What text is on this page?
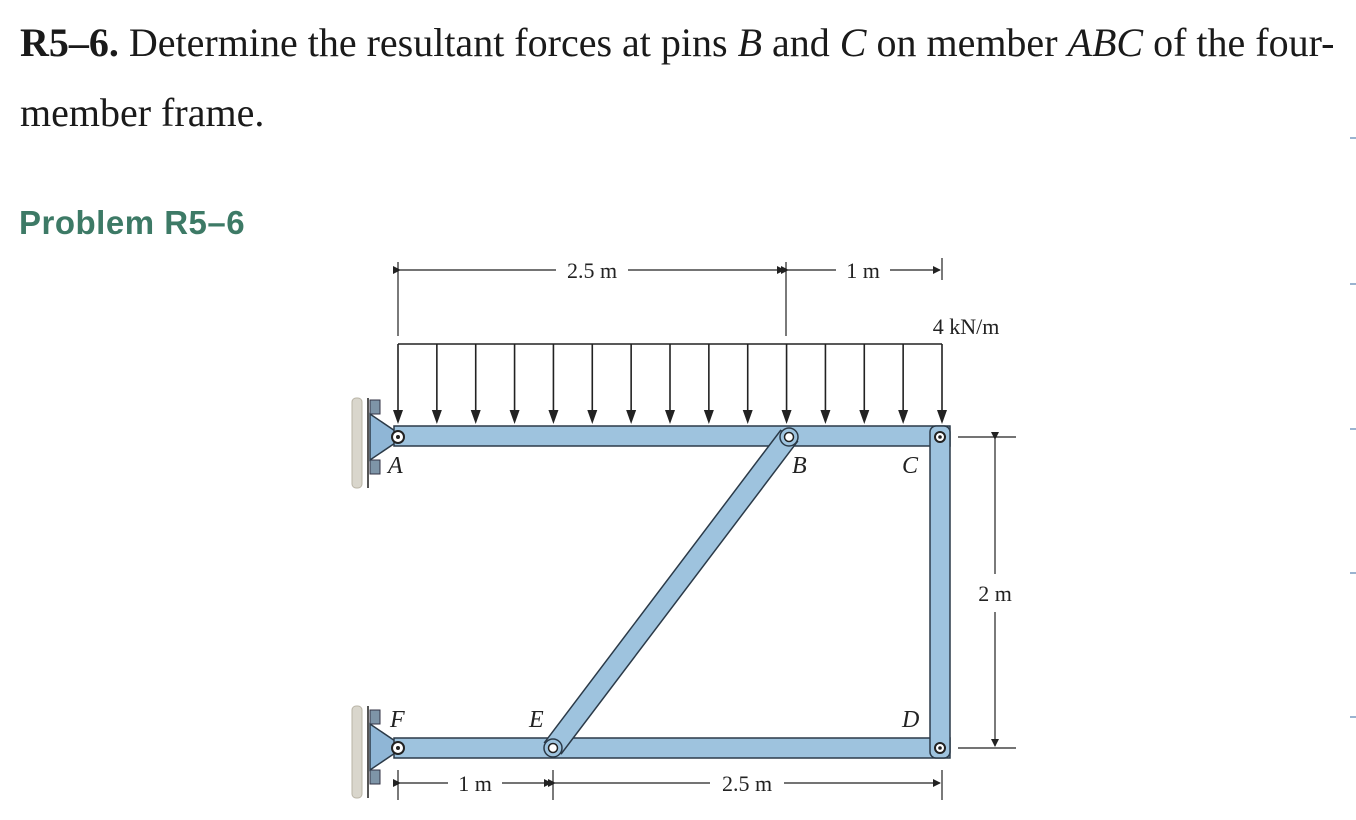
R5–6. Determine the resultant forces at pins B and C on member ABC of the four-member frame.
Problem R5–6
2.5 m	1 m
4 kN/m
2 m
1 m	2.5 m
A	B	C
F	E	D
